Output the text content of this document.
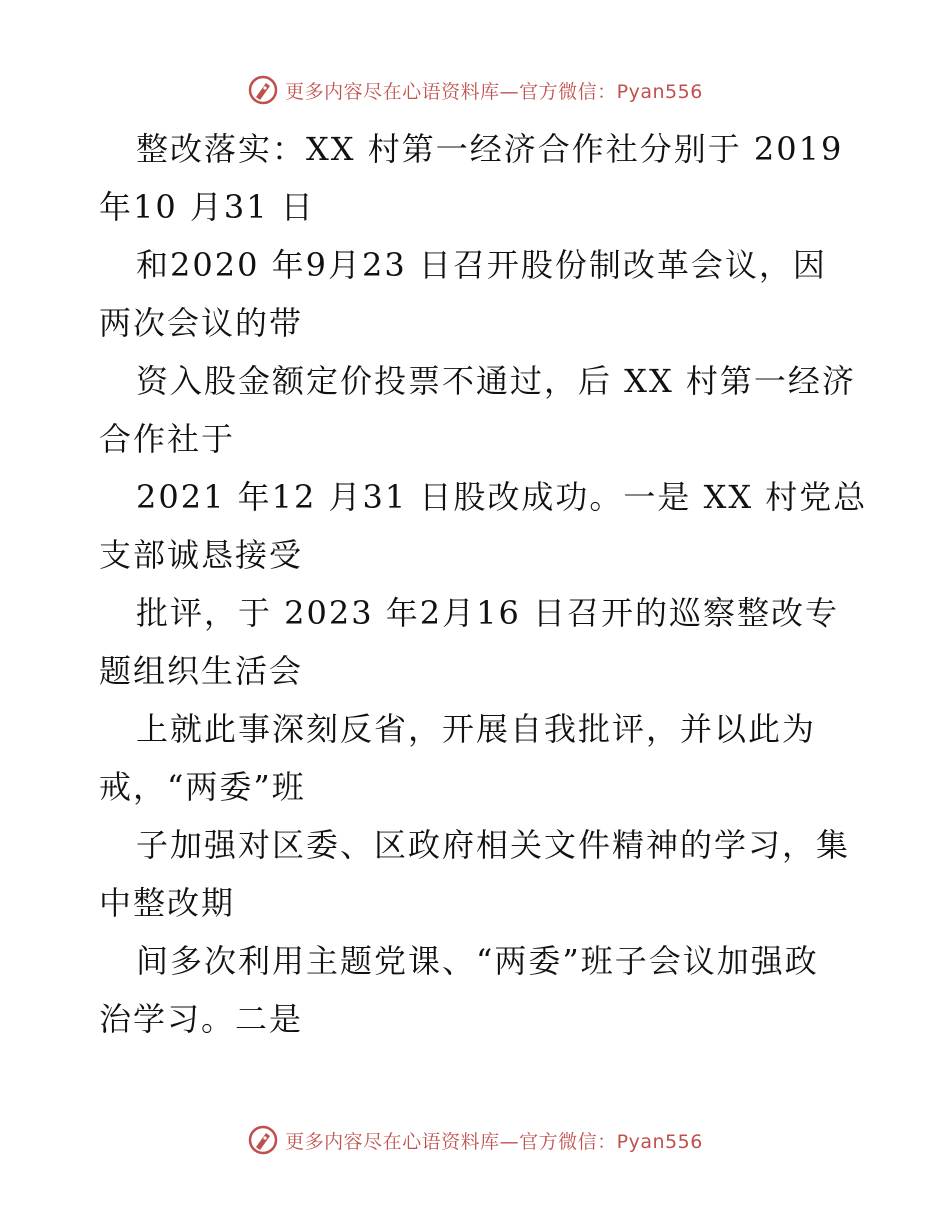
更多内容尽在心语资料库—官方微信：Pyan556
整改落实：XX 村第一经济合作社分别于 2019
年10 月31 日
和2020 年9月23 日召开股份制改革会议，因
两次会议的带
资入股金额定价投票不通过，后 XX 村第一经济
合作社于
2021 年12 月31 日股改成功。一是 XX 村党总
支部诚恳接受
批评，于 2023 年2月16 日召开的巡察整改专
题组织生活会
上就此事深刻反省，开展自我批评，并以此为
戒，“两委”班
子加强对区委、区政府相关文件精神的学习，集
中整改期
间多次利用主题党课、“两委”班子会议加强政
治学习。二是
更多内容尽在心语资料库—官方微信：Pyan556
